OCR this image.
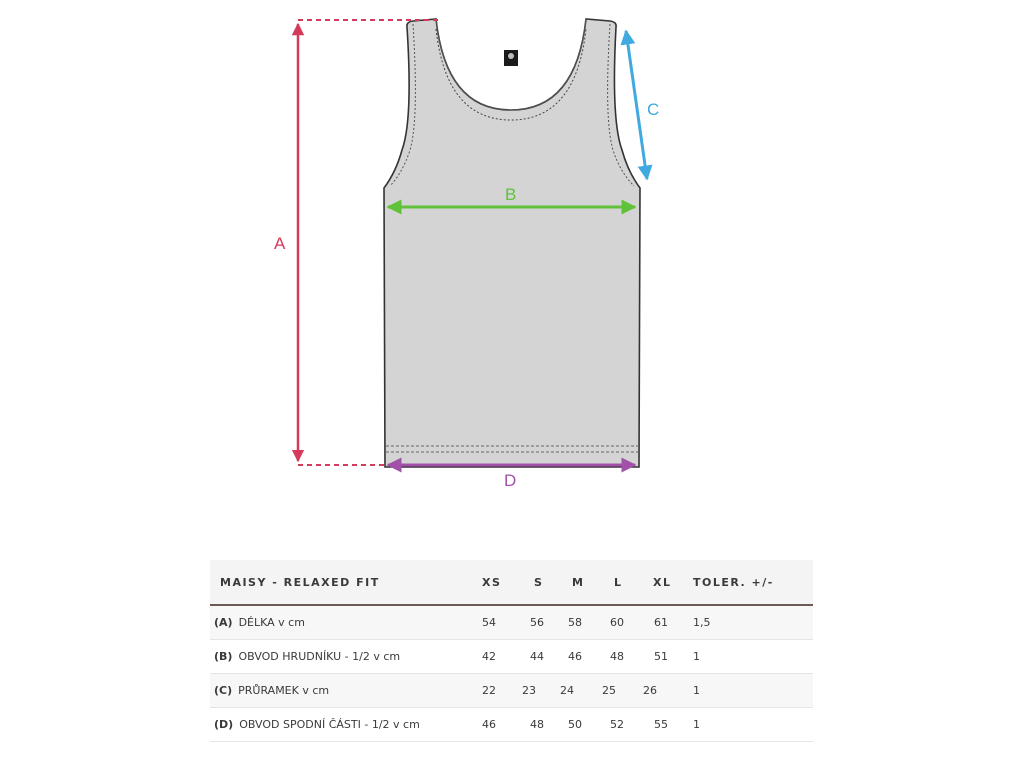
A
B
C
D
MAISY - RELAXED FIT	XS	S	M	L	XL	TOLER. +/-
(A) DÉLKA v cm	54	56	58	60	61	1,5
(B) OBVOD HRUDNÍKU - 1/2 v cm	42	44	46	48	51	1
(C) PRŮRAMEK v cm	22	23	24	25	26	1
(D) OBVOD SPODNÍ ČÁSTI - 1/2 v cm	46	48	50	52	55	1
